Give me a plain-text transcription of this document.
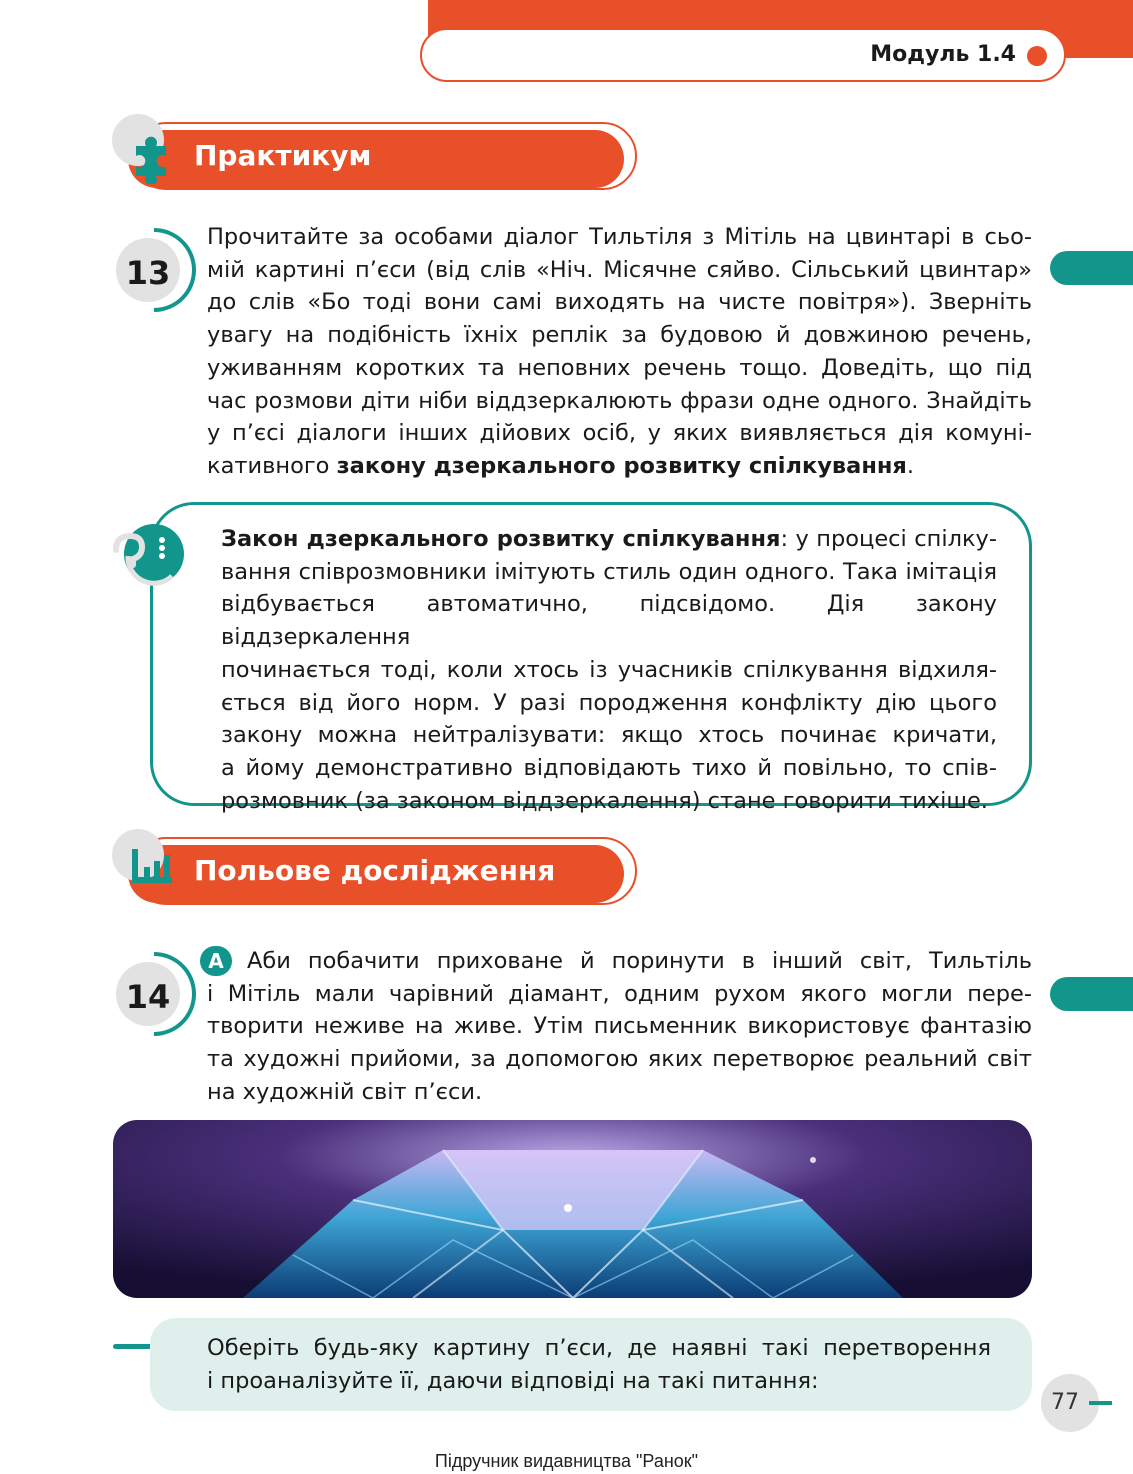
Модуль 1.4
Практикум
13
Прочитайте за особами діалог Тильтіля з Мітіль на цвинтарі в сьо-
мій картині п’єси (від слів «Ніч. Місячне сяйво. Сільський цвинтар»
до слів «Бо тоді вони самі виходять на чисте повітря»). Зверніть
увагу на подібність їхніх реплік за будовою й довжиною речень,
уживанням коротких та неповних речень тощо. Доведіть, що під
час розмови діти ніби віддзеркалюють фрази одне одного. Знайдіть
у п’єсі діалоги інших дійових осіб, у яких виявляється дія комуні-
кативного закону дзеркального розвитку спілкування.
Закон дзеркального розвитку спілкування: у процесі спілку-
вання співрозмовники імітують стиль один одного. Така імітація
відбувається автоматично, підсвідомо. Дія закону віддзеркалення
починається тоді, коли хтось із учасників спілкування відхиля-
ється від його норм. У разі породження конфлікту дію цього
закону можна нейтралізувати: якщо хтось починає кричати,
а йому демонстративно відповідають тихо й повільно, то спів-
розмовник (за законом віддзеркалення) стане говорити тихіше.
Польове дослідження
14
А	Аби побачити приховане й поринути в інший світ, Тильтіль
і Мітіль мали чарівний діамант, одним рухом якого могли пере-
творити неживе на живе. Утім письменник використовує фантазію
та художні прийоми, за допомогою яких перетворює реальний світ
на художній світ п’єси.
Оберіть будь-яку картину п’єси, де наявні такі перетворення
і проаналізуйте її, даючи відповіді на такі питання:
77
Підручник видавництва "Ранок"
